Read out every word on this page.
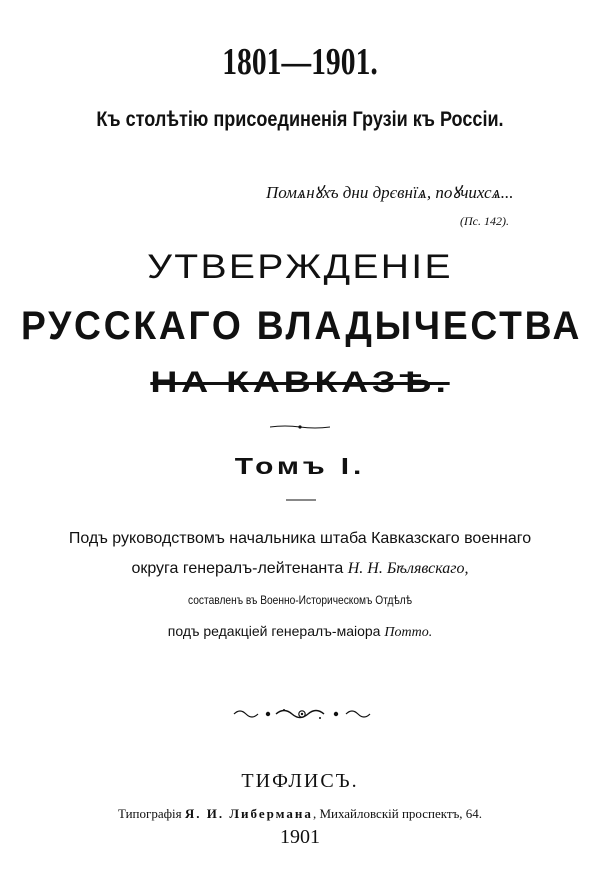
1801—1901.
Къ столѣтію присоединенія Грузіи къ Россіи.
Помѧнꙋхъ дни дрєвнїѧ, поꙋчихсѧ...
(Пс. 142).
УТВЕРЖДЕНIЕ
РУССКАГО ВЛАДЫЧЕСТВА
НА КАВКАЗѢ.
Томъ I.
Подъ руководствомъ начальника штаба Кавказскаго военнаго
округа генералъ-лейтенанта Н. Н. Бѣлявскаго,
составленъ въ Военно-Историческомъ Отдѣлѣ
подъ редакціей генералъ-маіора Потто.
ТИФЛИСЪ.
Типографія Я. И. Либермана, Михайловскій проспектъ, 64.
1901
